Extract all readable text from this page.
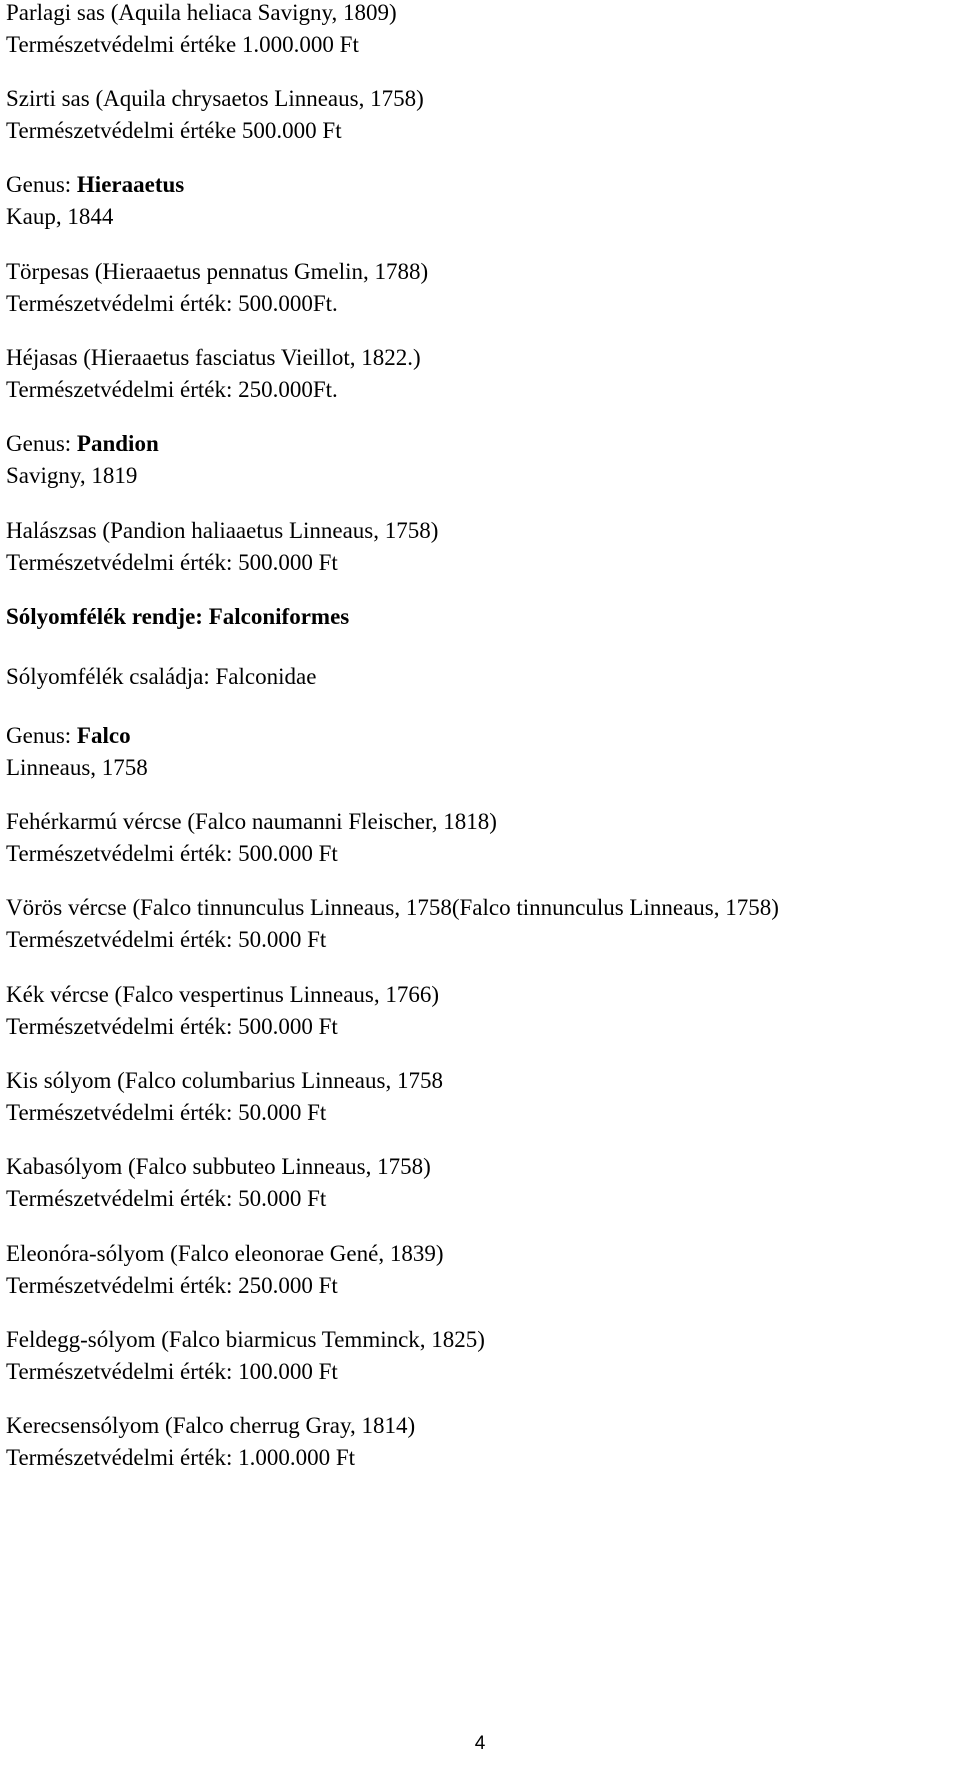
Parlagi sas (Aquila heliaca Savigny, 1809)
Természetvédelmi értéke 1.000.000 Ft
Szirti sas (Aquila chrysaetos Linneaus, 1758)
Természetvédelmi értéke 500.000 Ft
Genus: Hieraaetus
Kaup, 1844
Törpesas (Hieraaetus pennatus Gmelin, 1788)
Természetvédelmi érték: 500.000Ft.
Héjasas (Hieraaetus fasciatus Vieillot, 1822.)
Természetvédelmi érték: 250.000Ft.
Genus: Pandion
Savigny, 1819
Halászsas (Pandion haliaaetus Linneaus, 1758)
Természetvédelmi érték: 500.000 Ft
Sólyomfélék rendje: Falconiformes
Sólyomfélék családja: Falconidae
Genus: Falco
Linneaus, 1758
Fehérkarmú vércse (Falco naumanni Fleischer, 1818)
Természetvédelmi érték: 500.000 Ft
Vörös vércse (Falco tinnunculus Linneaus, 1758(Falco tinnunculus Linneaus, 1758)
Természetvédelmi érték: 50.000 Ft
Kék vércse (Falco vespertinus Linneaus, 1766)
Természetvédelmi érték: 500.000 Ft
Kis sólyom (Falco columbarius Linneaus, 1758
Természetvédelmi érték: 50.000 Ft
Kabasólyom (Falco subbuteo Linneaus, 1758)
Természetvédelmi érték: 50.000 Ft
Eleonóra-sólyom (Falco eleonorae Gené, 1839)
Természetvédelmi érték: 250.000 Ft
Feldegg-sólyom (Falco biarmicus Temminck, 1825)
Természetvédelmi érték: 100.000 Ft
Kerecsensólyom (Falco cherrug Gray, 1814)
Természetvédelmi érték: 1.000.000 Ft
4
